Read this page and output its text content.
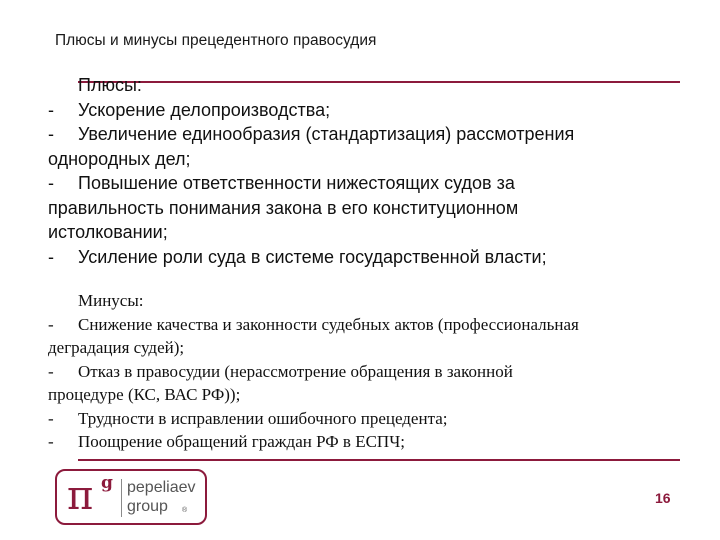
Плюсы и минусы прецедентного правосудия
Плюсы:
- Ускорение делопроизводства;
- Увеличение единообразия (стандартизация) рассмотрения
однородных дел;
- Повышение ответственности нижестоящих судов за
правильность понимания закона в его конституционном
истолковании;
- Усиление роли суда в системе государственной власти;
Минусы:
- Снижение качества и законности судебных актов (профессиональная
деградация судей);
- Отказ в правосудии (нерассмотрение обращения в законной
процедуре (КС, ВАС РФ));
- Трудности в исправлении ошибочного прецедента;
- Поощрение обращений граждан РФ в ЕСПЧ;
π g pepeliaev
group ®
16
